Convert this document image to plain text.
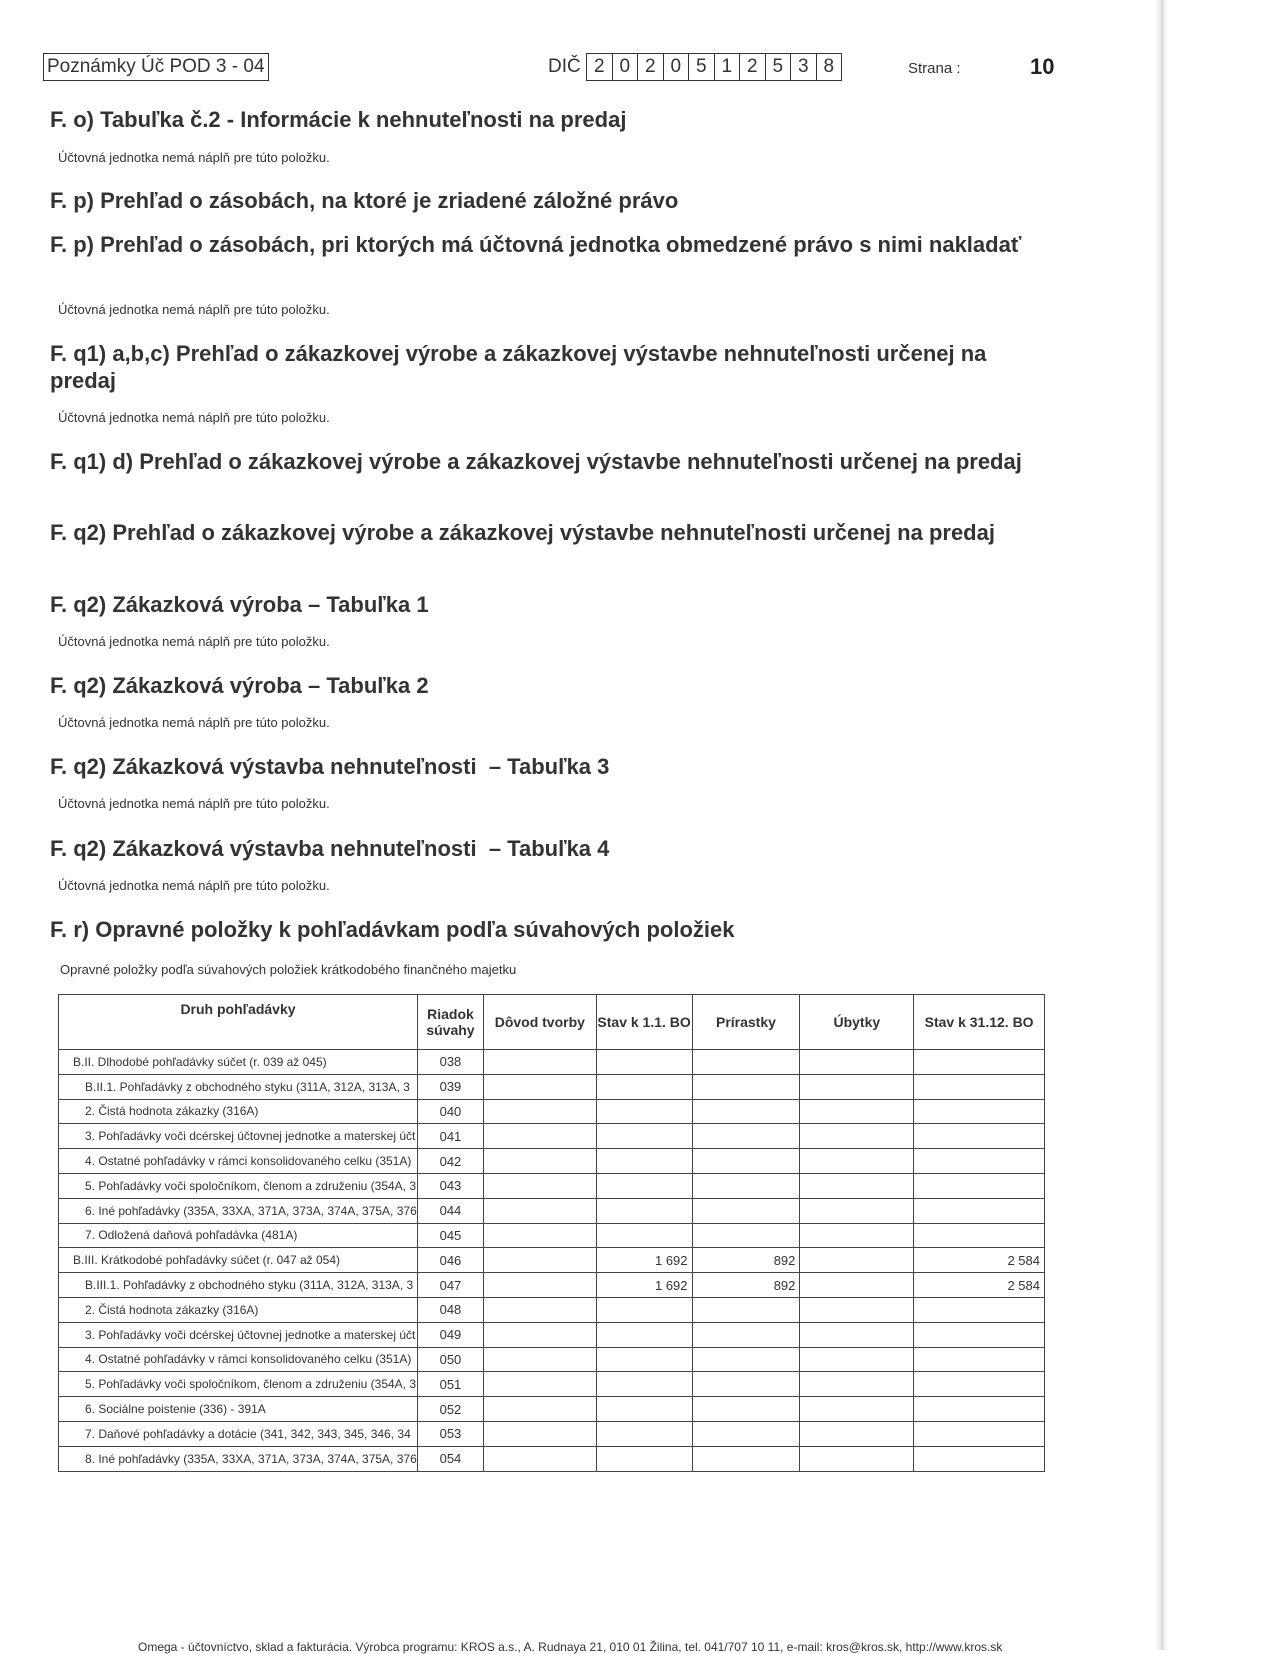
Poznámky Úč POD 3 - 04	DIČ 2 0 2 0 5 1 2 5 3 8	Strana :	10
F. o) Tabuľka č.2 - Informácie k nehnuteľnosti na predaj
Účtovná jednotka nemá náplň pre túto položku.
F. p) Prehľad o zásobách, na ktoré je zriadené záložné právo
F. p) Prehľad o zásobách, pri ktorých má účtovná jednotka obmedzené právo s nimi nakladať
Účtovná jednotka nemá náplň pre túto položku.
F. q1) a,b,c) Prehľad o zákazkovej výrobe a zákazkovej výstavbe nehnuteľnosti určenej na predaj
Účtovná jednotka nemá náplň pre túto položku.
F. q1) d) Prehľad o zákazkovej výrobe a zákazkovej výstavbe nehnuteľnosti určenej na predaj
F. q2) Prehľad o zákazkovej výrobe a zákazkovej výstavbe nehnuteľnosti určenej na predaj
F. q2) Zákazková výroba – Tabuľka 1
Účtovná jednotka nemá náplň pre túto položku.
F. q2) Zákazková výroba – Tabuľka 2
Účtovná jednotka nemá náplň pre túto položku.
F. q2) Zákazková výstavba nehnuteľnosti  – Tabuľka 3
Účtovná jednotka nemá náplň pre túto položku.
F. q2) Zákazková výstavba nehnuteľnosti  – Tabuľka 4
Účtovná jednotka nemá náplň pre túto položku.
F. r) Opravné položky k pohľadávkam podľa súvahových položiek
Opravné položky podľa súvahových položiek krátkodobého finančného majetku
Druh pohľadávky	Riadok súvahy	Dôvod tvorby	Stav k 1.1. BO	Prírastky	Úbytky	Stav k 31.12. BO
B.II. Dlhodobé pohľadávky súčet (r. 039 až 045)	038					
B.II.1. Pohľadávky z obchodného styku (311A, 312A, 313A, 3	039					
2. Čistá hodnota zákazky (316A)	040					
3. Pohľadávky voči dcérskej účtovnej jednotke a materskej účt	041					
4. Ostatné pohľadávky v rámci konsolidovaného celku (351A)	042					
5. Pohľadávky voči spoločníkom, členom a združeniu (354A, 3	043					
6. Iné pohľadávky (335A, 33XA, 371A, 373A, 374A, 375A, 376	044					
7. Odložená daňová pohľadávka (481A)	045					
B.III. Krátkodobé pohľadávky súčet (r. 047 až 054)	046		1 692	892		2 584
B.III.1. Pohľadávky z obchodného styku (311A, 312A, 313A, 3	047		1 692	892		2 584
2. Čistá hodnota zákazky (316A)	048					
3. Pohľadávky voči dcérskej účtovnej jednotke a materskej účt	049					
4. Ostatné pohľadávky v rámci konsolidovaného celku (351A)	050					
5. Pohľadávky voči spoločníkom, členom a združeniu (354A, 3	051					
6. Sociálne poistenie (336) - 391A	052					
7. Daňové pohľadávky a dotácie (341, 342, 343, 345, 346, 34	053					
8. Iné pohľadávky (335A, 33XA, 371A, 373A, 374A, 375A, 376	054					
Omega - účtovníctvo, sklad a fakturácia. Výrobca programu: KROS a.s., A. Rudnaya 21, 010 01 Žilina, tel. 041/707 10 11, e-mail: kros@kros.sk, http://www.kros.sk
